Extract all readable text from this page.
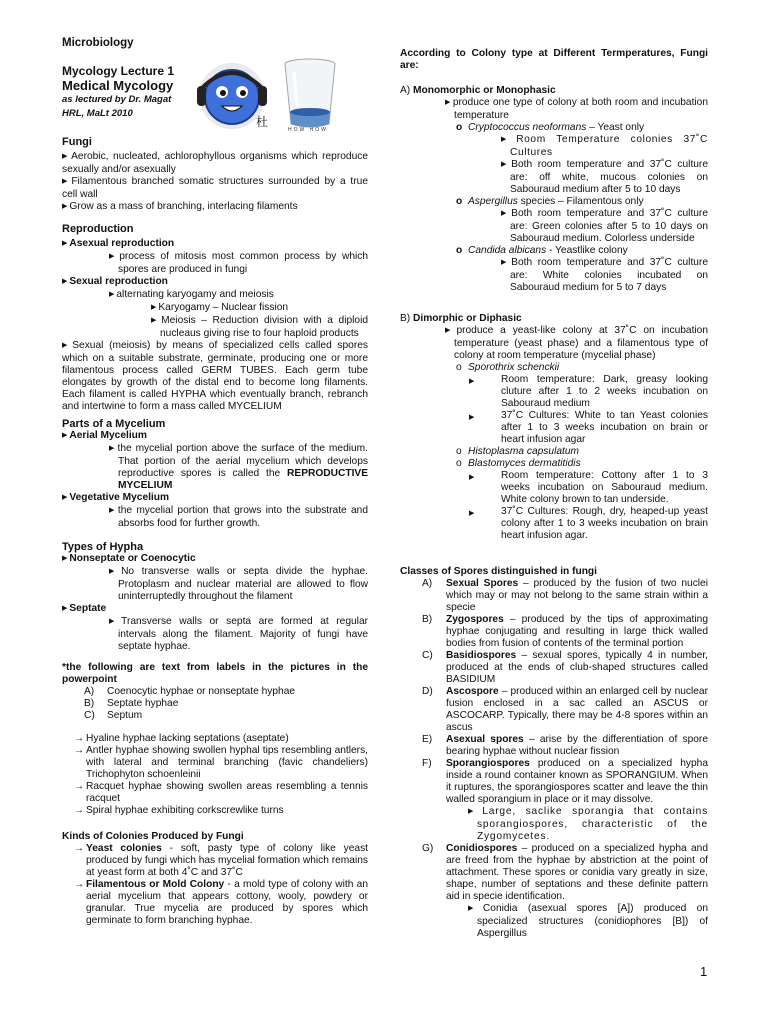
Microbiology

Mycology Lecture 1

Medical Mycology

as lectured by Dr. Magat

HRL, MaLt 2010

Fungi

▶ Aerobic, nucleated, achlorophyllous organisms which reproduce sexually and/or asexually

▶ Filamentous branched somatic structures surrounded by a true cell wall

▶ Grow as a mass of branching, interlacing filaments

Reproduction

▶ Asexual reproduction

▶ process of mitosis most common process by which spores are produced in fungi

▶ Sexual reproduction

▶ alternating karyogamy and meiosis

▶ Karyogamy – Nuclear fission

▶ Meiosis – Reduction division with a diploid nucleaus giving rise to four haploid products

▶ Sexual (meiosis) by means of specialized cells called spores which on a suitable substrate, germinate, producing one or more filamentous process called GERM TUBES. Each germ tube elongates by growth of the distal end to become long filaments. Each filament is called HYPHA which eventually branch, rebranch and intertwine to form a mass called MYCELIUM

Parts of a Mycelium

▶ Aerial Mycelium

▶ the mycelial portion above the surface of the medium. That portion of the aerial mycelium which develops reproductive spores is called the REPRODUCTIVE MYCELIUM

▶ Vegetative Mycelium

▶ the mycelial portion that grows into the substrate and absorbs food for further growth.

Types of Hypha

▶ Nonseptate or Coenocytic

▶ No transverse walls or septa divide the hyphae. Protoplasm and nuclear material are allowed to flow uninterruptedly throughout the filament

▶ Septate

▶ Transverse walls or septa are formed at regular intervals along the filament. Majority of fungi have septate hyphae.

*the following are text from labels in the pictures in the powerpoint

A) Coenocytic hyphae or nonseptate hyphae
B) Septate hyphae
C) Septum
→ Hyaline hyphae lacking septations (aseptate)
→ Antler hyphae showing swollen hyphal tips resembling antlers, with lateral and terminal branching (favic chandeliers) Trichophyton schoenleinii
→ Racquet hyphae showing swollen areas resembling a tennis racquet
→ Spiral hyphae exhibiting corkscrewlike turns

Kinds of Colonies Produced by Fungi

→ Yeast colonies - soft, pasty type of colony like yeast produced by fungi which has mycelial formation which remains at yeast form at both 4˚C and 37˚C
→ Filamentous or Mold Colony - a mold type of colony with an aerial mycelium that appears cottony, wooly, powdery or granular. True mycelia are produced by spores which germinate to form branching hyphae.
杜
HOW HOW

According to Colony type at Different Termperatures, Fungi are:

A) Monomorphic or Monophasic

▶ produce one type of colony at both room and incubation temperature

o Cryptococcus neoformans – Yeast only

▶ Room Temperature colonies 37˚C Cultures

▶ Both room temperature and 37˚C culture are: off white, mucous colonies on Sabouraud medium after 5 to 10 days

o Aspergillus species – Filamentous only

▶ Both room temperature and 37˚C culture are: Green colonies after 5 to 10 days on Sabouraud medium. Colorless underside

o Candida albicans - Yeastlike colony

▶ Both room temperature and 37˚C culture are: White colonies incubated on Sabouraud medium for 5 to 7 days

B) Dimorphic or Diphasic

▶ produce a yeast-like colony at 37˚C on incubation temperature (yeast phase) and a filamentous type of colony at room temperature (mycelial phase)

o Sporothrix schenckii
▶	Room temperature: Dark, greasy looking cluture after 1 to 2 weeks incubation on Sabouraud medium
▶	37˚C Cultures: White to tan Yeast colonies after 1 to 3 weeks incubation on brain or heart infusion agar
o Histoplasma capsulatum
o Blastomyces dermatitidis
▶	Room temperature: Cottony after 1 to 3 weeks incubation on Sabouraud medium. White colony brown to tan underside.
▶	37˚C Cultures: Rough, dry, heaped-up yeast colony after 1 to 3 weeks incubation on brain heart infusion agar.

Classes of Spores distinguished in fungi

A) Sexual Spores – produced by the fusion of two nuclei which may or may not belong to the same strain within a specie
B) Zygospores – produced by the tips of approximating hyphae conjugating and resulting in large thick walled bodies from fusion of contents of the terminal portion
C) Basidiospores – sexual spores, typically 4 in number, produced at the ends of club-shaped structures called BASIDIUM
D) Ascospore – produced within an enlarged cell by nuclear fusion enclosed in a sac called an ASCUS or ASCOCARP. Typically, there may be 4-8 spores within an ascus
E) Asexual spores – arise by the differentiation of spore bearing hyphae without nuclear fission
F) Sporangiospores produced on a specialized hypha inside a round container known as SPORANGIUM. When it ruptures, the sporangiospores scatter and leave the thin walled sporangium in place or it may dissolve.

▶ Large, saclike sporangia that contains sporangiospores, characteristic of the Zygomycetes.

G) Conidiospores – produced on a specialized hypha and are freed from the hyphae by abstriction at the point of attachment. These spores or conidia vary greatly in size, shape, number of septations and these definite pattern aid in specie identification.

▶ Conidia (asexual spores [A]) produced on specialized structures (conidiophores [B]) of Aspergillus

1
